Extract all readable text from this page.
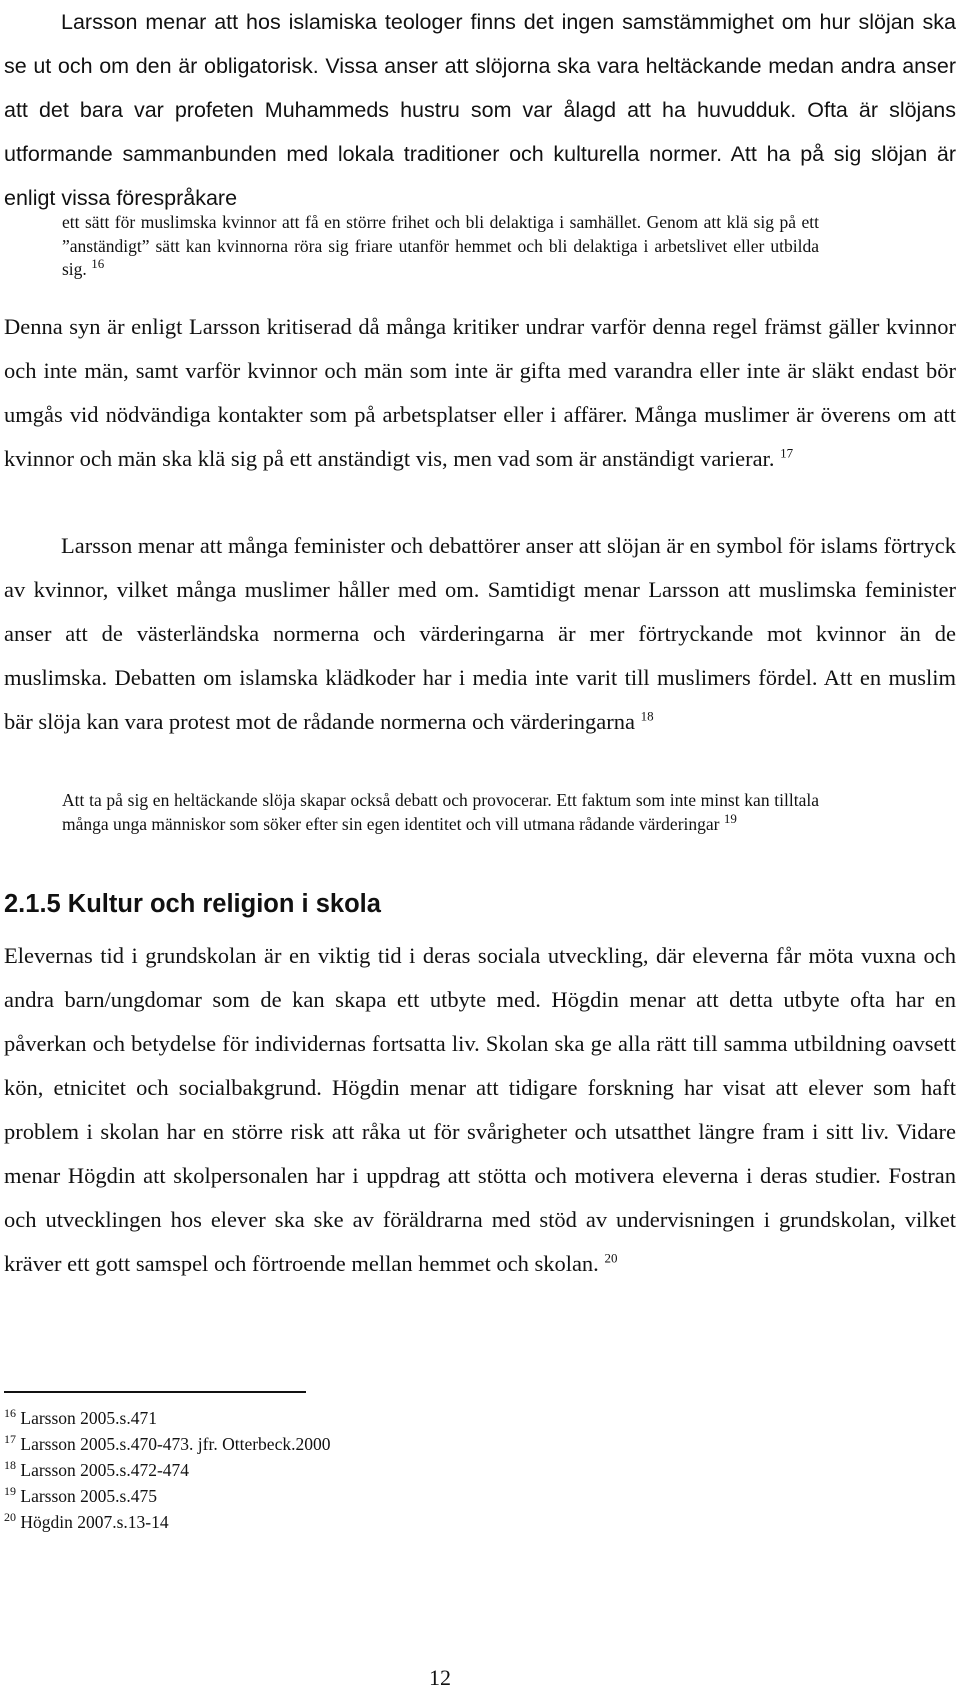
Larsson menar att hos islamiska teologer finns det ingen samstämmighet om hur slöjan ska se ut och om den är obligatorisk. Vissa anser att slöjorna ska vara heltäckande medan andra anser att det bara var profeten Muhammeds hustru som var ålagd att ha huvudduk. Ofta är slöjans utformande sammanbunden med lokala traditioner och kulturella normer. Att ha på sig slöjan är enligt vissa förespråkare

ett sätt för muslimska kvinnor att få en större frihet och bli delaktiga i samhället. Genom att klä sig på ett ”anständigt” sätt kan kvinnorna röra sig friare utanför hemmet och bli delaktiga i arbetslivet eller utbilda sig. $^{16}$

Denna syn är enligt Larsson kritiserad då många kritiker undrar varför denna regel främst gäller kvinnor och inte män, samt varför kvinnor och män som inte är gifta med varandra eller inte är släkt endast bör umgås vid nödvändiga kontakter som på arbetsplatser eller i affärer. Många muslimer är överens om att kvinnor och män ska klä sig på ett anständigt vis, men vad som är anständigt varierar. $^{17}$

Larsson menar att många feminister och debattörer anser att slöjan är en symbol för islams förtryck av kvinnor, vilket många muslimer håller med om. Samtidigt menar Larsson att muslimska feminister anser att de västerländska normerna och värderingarna är mer förtryckande mot kvinnor än de muslimska. Debatten om islamska klädkoder har i media inte varit till muslimers fördel. Att en muslim bär slöja kan vara protest mot de rådande normerna och värderingarna $^{18}$

Att ta på sig en heltäckande slöja skapar också debatt och provocerar. Ett faktum som inte minst kan tilltala många unga människor som söker efter sin egen identitet och vill utmana rådande värderingar $^{19}$

2.1.5 Kultur och religion i skola

Elevernas tid i grundskolan är en viktig tid i deras sociala utveckling, där eleverna får möta vuxna och andra barn/ungdomar som de kan skapa ett utbyte med. Högdin menar att detta utbyte ofta har en påverkan och betydelse för individernas fortsatta liv. Skolan ska ge alla rätt till samma utbildning oavsett kön, etnicitet och socialbakgrund. Högdin menar att tidigare forskning har visat att elever som haft problem i skolan har en större risk att råka ut för svårigheter och utsatthet längre fram i sitt liv. Vidare menar Högdin att skolpersonalen har i uppdrag att stötta och motivera eleverna i deras studier. Fostran och utvecklingen hos elever ska ske av föräldrarna med stöd av undervisningen i grundskolan, vilket kräver ett gott samspel och förtroende mellan hemmet och skolan. $^{20}$

$^{16}$ Larsson 2005.s.471
$^{17}$ Larsson 2005.s.470-473. jfr. Otterbeck.2000
$^{18}$ Larsson 2005.s.472-474
$^{19}$ Larsson 2005.s.475
$^{20}$ Högdin 2007.s.13-14
12
